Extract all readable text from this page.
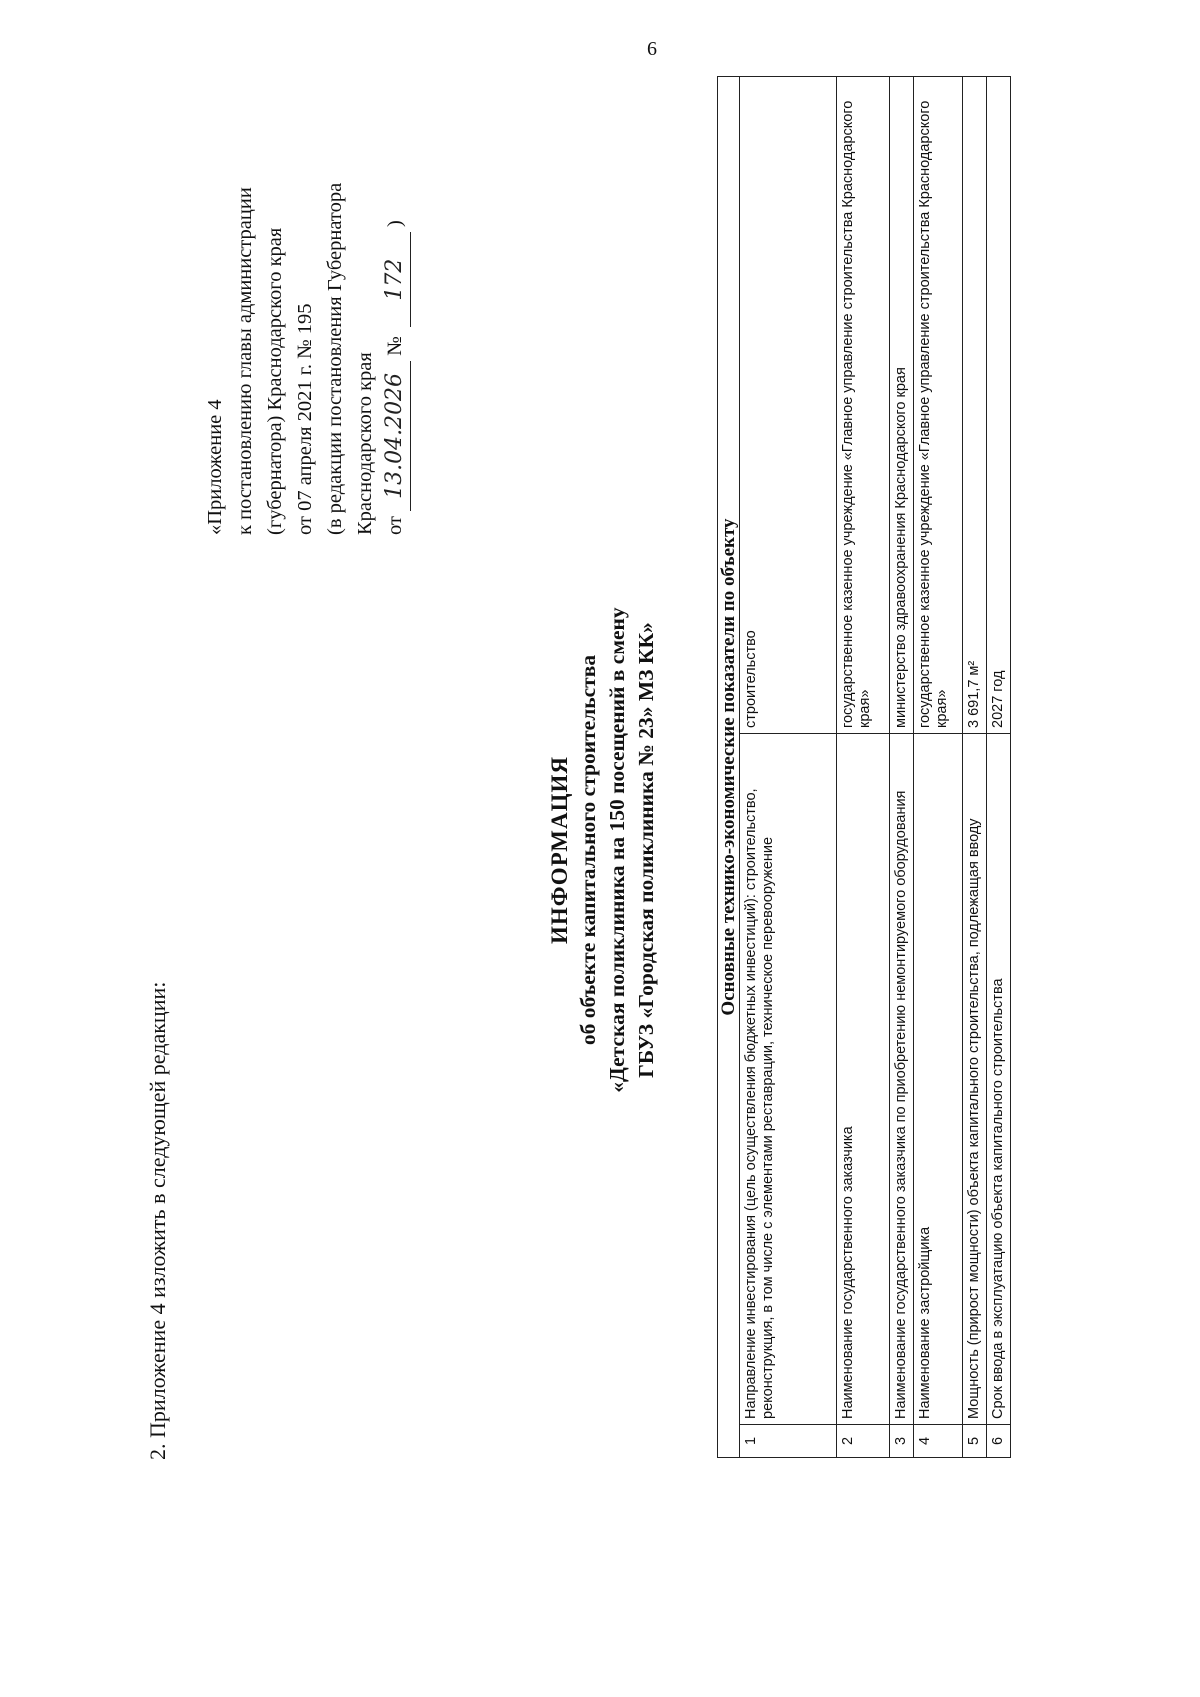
6
2. Приложение 4 изложить в следующей редакции:
«Приложение 4 к постановлению главы администрации (губернатора) Краснодарского края от 07 апреля 2021 г. № 195 (в редакции постановления Губернатора Краснодарского края от 13.04.2026 № 172 )
ИНФОРМАЦИЯ об объекте капитального строительства «Детская поликлиника на 150 посещений в смену ГБУЗ «Городская поликлиника № 23» МЗ КК»	Основные технико-экономические показатели по объекту		
1	Направление инвестирования (цель осуществления бюджетных инвестиций): строительство, реконструкция, в том числе с элементами реставрации, техническое перевооружение	строительство
2	Наименование государственного заказчика	государственное казенное учреждение «Главное управление строительства Краснодарского края»
3	Наименование государственного заказчика по приобретению немонтируемого оборудования	министерство здравоохранения Краснодарского края
4	Наименование застройщика	государственное казенное учреждение «Главное управление строительства Краснодарского края»
5	Мощность (прирост мощности) объекта капитального строительства, подлежащая вводу	3 691,7 м²
6	Срок ввода в эксплуатацию объекта капитального строительства	2027 год
